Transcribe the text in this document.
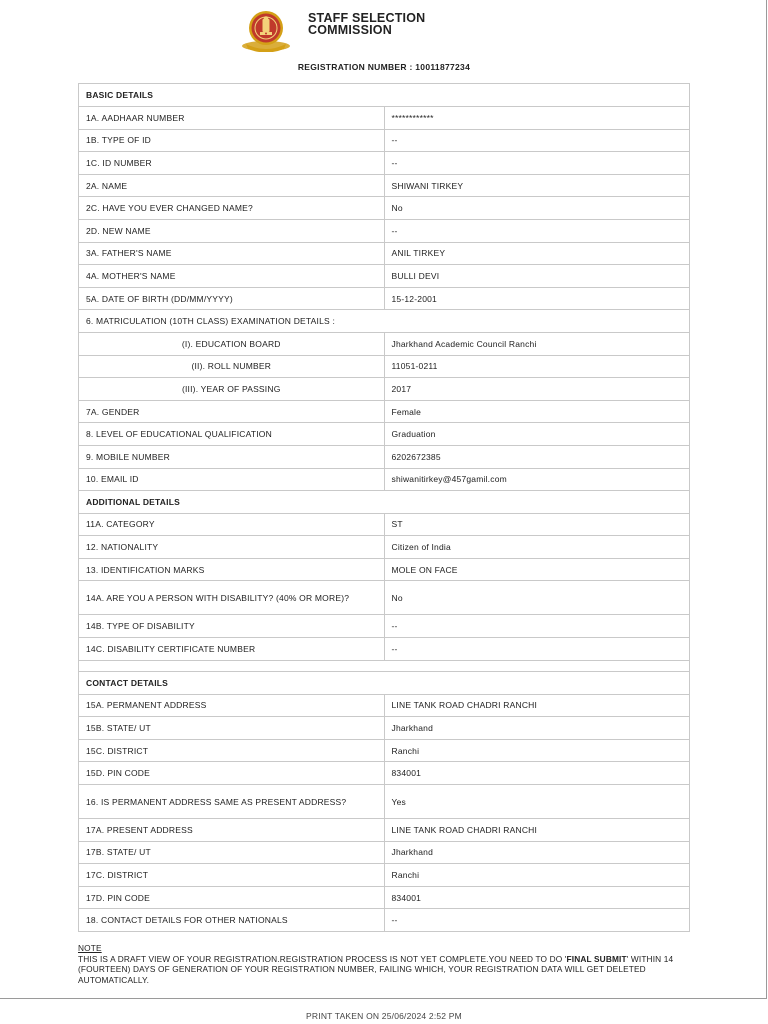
STAFF SELECTION
COMMISSION
REGISTRATION NUMBER : 10011877234
BASIC DETAILS	
1A. AADHAAR NUMBER	************
1B. TYPE OF ID	--
1C. ID NUMBER	--
2A. NAME	SHIWANI TIRKEY
2C. HAVE YOU EVER CHANGED NAME?	No
2D. NEW NAME	--
3A. FATHER'S NAME	ANIL TIRKEY
4A. MOTHER'S NAME	BULLI DEVI
5A. DATE OF BIRTH (DD/MM/YYYY)	15-12-2001
6. MATRICULATION (10TH CLASS) EXAMINATION DETAILS :	
(I). EDUCATION BOARD	Jharkhand Academic Council Ranchi
(II). ROLL NUMBER	11051-0211
(III). YEAR OF PASSING	2017
7A. GENDER	Female
8. LEVEL OF EDUCATIONAL QUALIFICATION	Graduation
9. MOBILE NUMBER	6202672385
10. EMAIL ID	shiwanitirkey@457gamil.com
ADDITIONAL DETAILS	
11A. CATEGORY	ST
12. NATIONALITY	Citizen of India
13. IDENTIFICATION MARKS	MOLE ON FACE
14A. ARE YOU A PERSON WITH DISABILITY? (40% OR MORE)?	No
14B. TYPE OF DISABILITY	--
14C. DISABILITY CERTIFICATE NUMBER	--

CONTACT DETAILS	
15A. PERMANENT ADDRESS	LINE TANK ROAD CHADRI RANCHI
15B. STATE/ UT	Jharkhand
15C. DISTRICT	Ranchi
15D. PIN CODE	834001
16. IS PERMANENT ADDRESS SAME AS PRESENT ADDRESS?	Yes
17A. PRESENT ADDRESS	LINE TANK ROAD CHADRI RANCHI
17B. STATE/ UT	Jharkhand
17C. DISTRICT	Ranchi
17D. PIN CODE	834001
18. CONTACT DETAILS FOR OTHER NATIONALS	--
NOTE
THIS IS A DRAFT VIEW OF YOUR REGISTRATION.REGISTRATION PROCESS IS NOT YET COMPLETE.YOU NEED TO DO 'FINAL SUBMIT' WITHIN 14 (FOURTEEN) DAYS OF GENERATION OF YOUR REGISTRATION NUMBER, FAILING WHICH, YOUR REGISTRATION DATA WILL GET DELETED AUTOMATICALLY.
PRINT TAKEN ON 25/06/2024 2:52 PM
